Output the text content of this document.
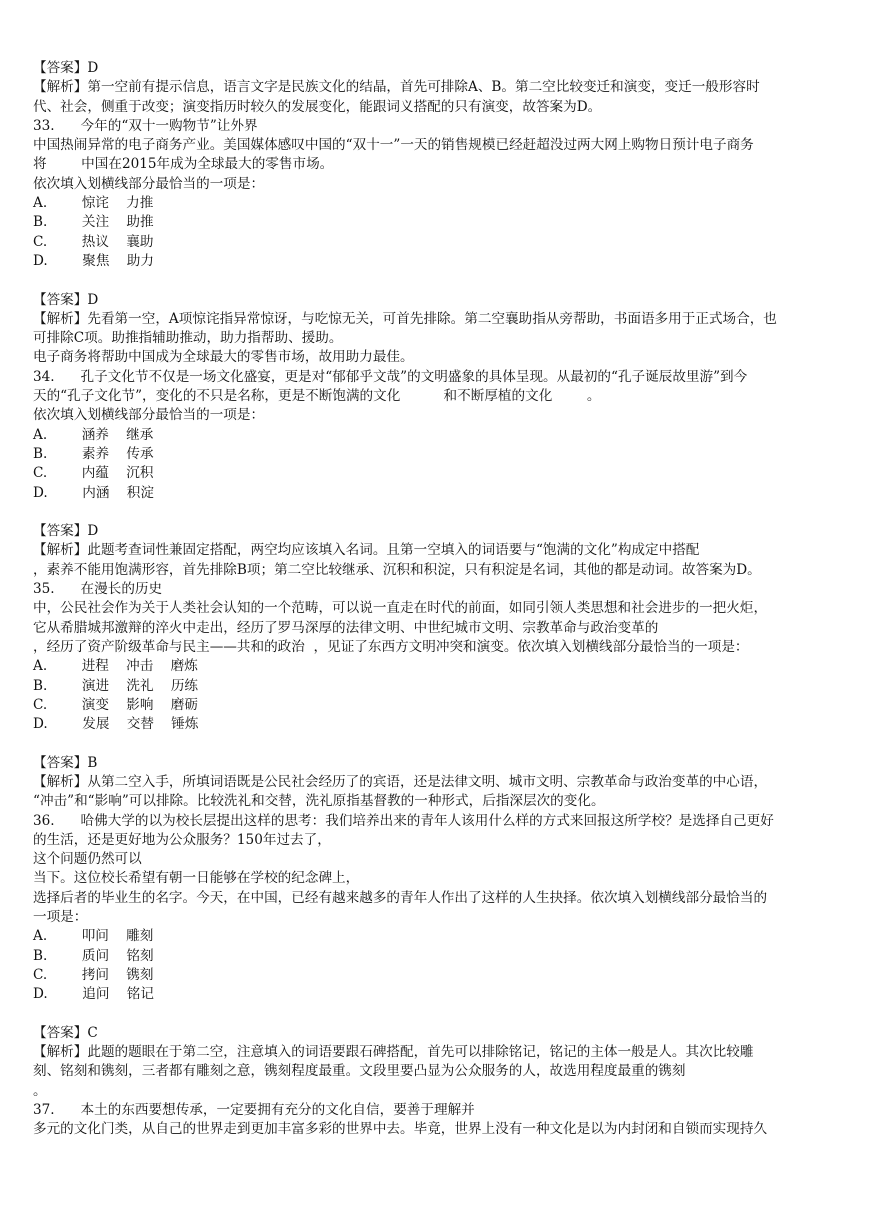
【答案】D
【解析】第一空前有提示信息，语言文字是民族文化的结晶，首先可排除A、B。第二空比较变迁和演变，变迁一般形容时
代、社会，侧重于改变；演变指历时较久的发展变化，能跟词义搭配的只有演变，故答案为D。
33.      今年的“双十一购物节”让外界
中国热闹异常的电子商务产业。美国媒体感叹中国的“双十一”一天的销售规模已经赶超没过两大网上购物日预计电子商务
将        中国在2015年成为全球最大的零售市场。
依次填入划横线部分最恰当的一项是：
A.        惊诧    力推
B.        关注    助推
C.        热议    襄助
D.        聚焦    助力
【答案】D
【解析】先看第一空，A项惊诧指异常惊讶，与吃惊无关，可首先排除。第二空襄助指从旁帮助，书面语多用于正式场合，也
可排除C项。助推指辅助推动，助力指帮助、援助。
电子商务将帮助中国成为全球最大的零售市场，故用助力最佳。
34.      孔子文化节不仅是一场文化盛宴，更是对“郁郁乎文哉”的文明盛象的具体呈现。从最初的“孔子诞辰故里游”到今
天的“孔子文化节”，变化的不只是名称，更是不断饱满的文化          和不断厚植的文化        。
依次填入划横线部分最恰当的一项是：
A.        涵养    继承
B.        素养    传承
C.        内蕴    沉积
D.        内涵    积淀
【答案】D
【解析】此题考查词性兼固定搭配，两空均应该填入名词。且第一空填入的词语要与“饱满的文化”构成定中搭配
，素养不能用饱满形容，首先排除B项；第二空比较继承、沉积和积淀，只有积淀是名词，其他的都是动词。故答案为D。
35.      在漫长的历史
中，公民社会作为关于人类社会认知的一个范畴，可以说一直走在时代的前面，如同引领人类思想和社会进步的一把火炬，
它从希腊城邦激辩的淬火中走出，经历了罗马深厚的法律文明、中世纪城市文明、宗教革命与政治变革的
，经历了资产阶级革命与民主——共和的政治  ，见证了东西方文明冲突和演变。依次填入划横线部分最恰当的一项是：
A.        进程    冲击    磨炼
B.        演进    洗礼    历练
C.        演变    影响    磨砺
D.        发展    交替    锤炼
【答案】B
【解析】从第二空入手，所填词语既是公民社会经历了的宾语，还是法律文明、城市文明、宗教革命与政治变革的中心语，
“冲击”和“影响”可以排除。比较洗礼和交替，洗礼原指基督教的一种形式，后指深层次的变化。
36.      哈佛大学的以为校长层提出这样的思考：我们培养出来的青年人该用什么样的方式来回报这所学校？是选择自己更好
的生活，还是更好地为公众服务？150年过去了，
这个问题仍然可以
当下。这位校长希望有朝一日能够在学校的纪念碑上，
选择后者的毕业生的名字。今天，在中国，已经有越来越多的青年人作出了这样的人生抉择。依次填入划横线部分最恰当的
一项是：
A.        叩问    雕刻
B.        质问    铭刻
C.        拷问    镌刻
D.        追问    铭记
【答案】C
【解析】此题的题眼在于第二空，注意填入的词语要跟石碑搭配，首先可以排除铭记，铭记的主体一般是人。其次比较雕
刻、铭刻和镌刻，三者都有雕刻之意，镌刻程度最重。文段里要凸显为公众服务的人，故选用程度最重的镌刻
。
37.      本土的东西要想传承，一定要拥有充分的文化自信，要善于理解并
多元的文化门类，从自己的世界走到更加丰富多彩的世界中去。毕竟，世界上没有一种文化是以为内封闭和自锁而实现持久
